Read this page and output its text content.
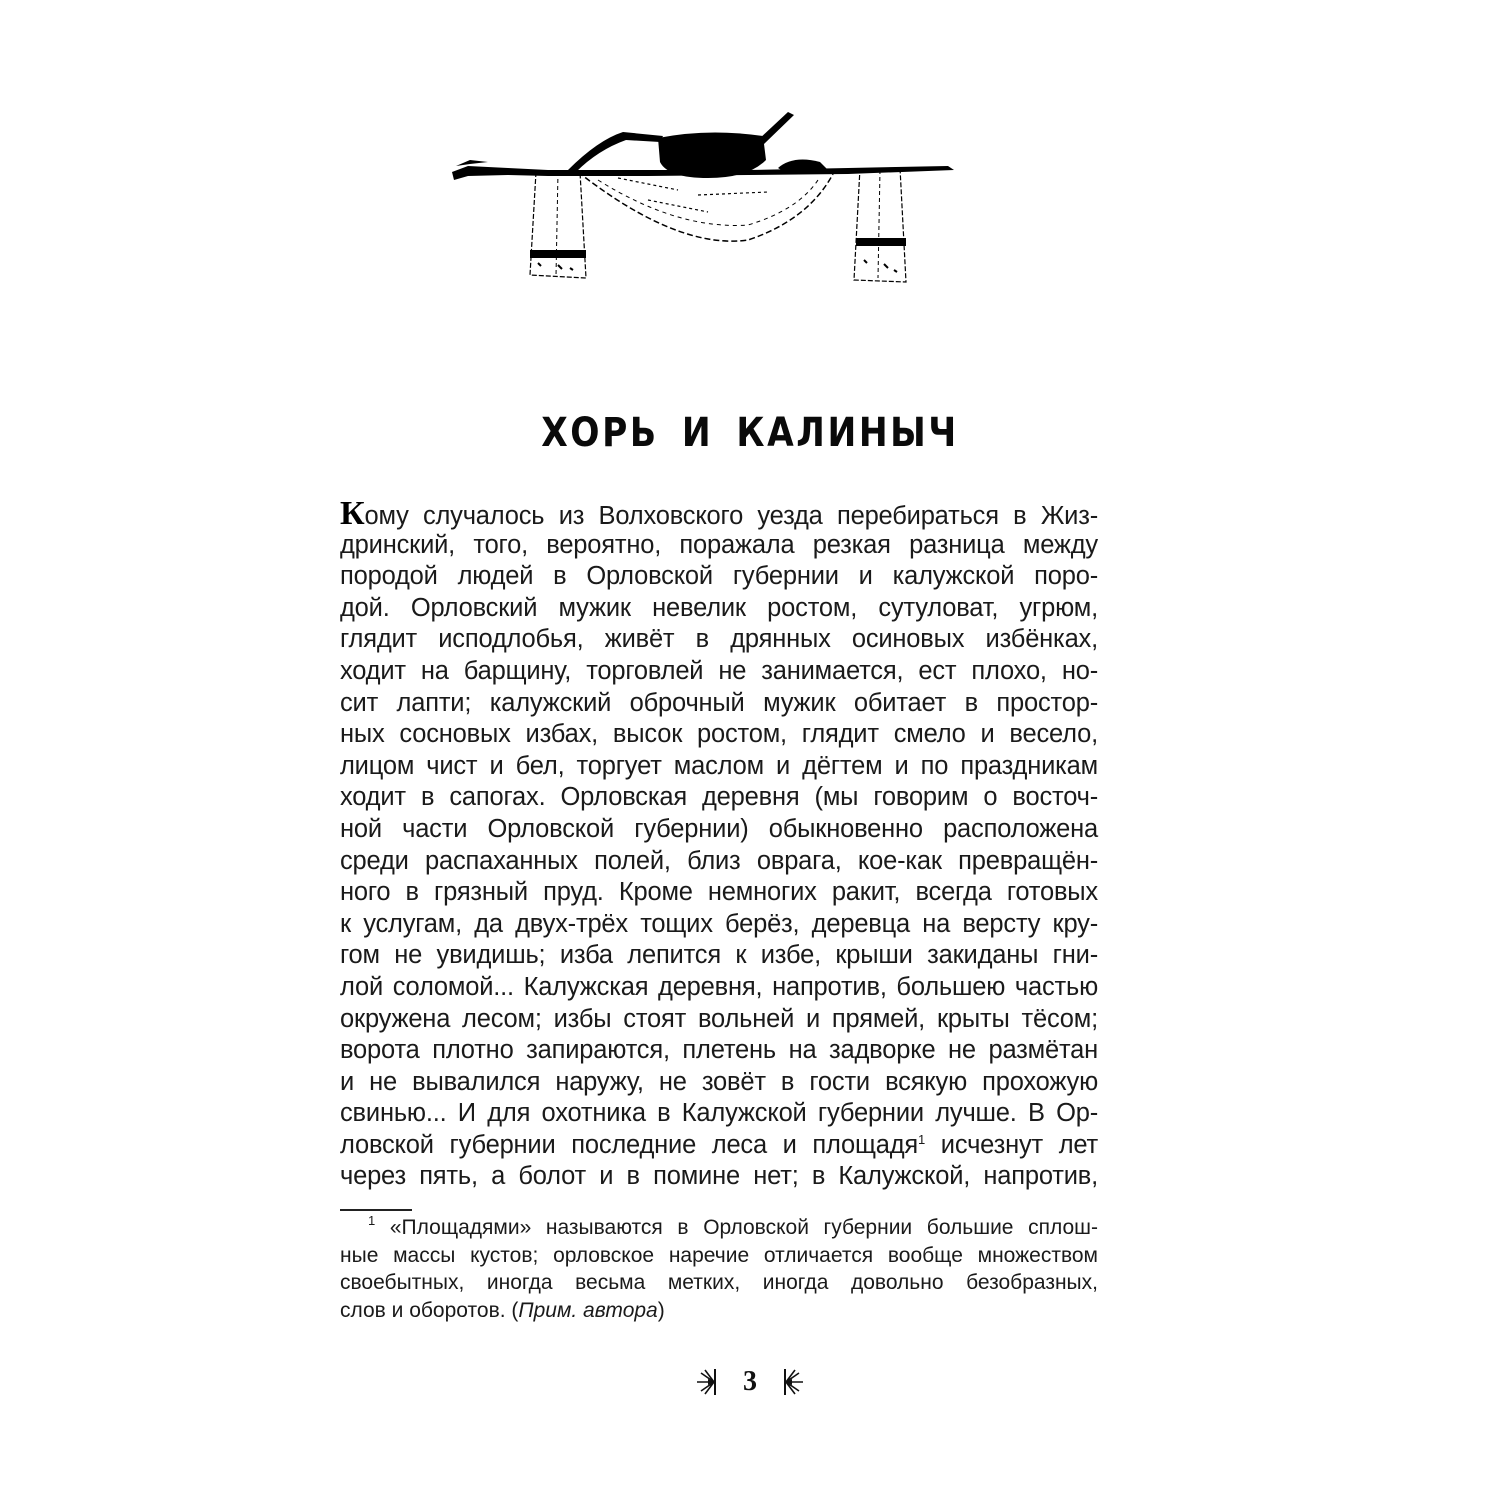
ХОРЬ И КАЛИНЫЧ
Кому случалось из Волховского уезда перебираться в Жиз-
дринский, того, вероятно, поражала резкая разница между
породой людей в Орловской губернии и калужской поро-
дой. Орловский мужик невелик ростом, сутуловат, угрюм,
глядит исподлобья, живёт в дрянных осиновых избёнках,
ходит на барщину, торговлей не занимается, ест плохо, но-
сит лапти; калужский оброчный мужик обитает в простор-
ных сосновых избах, высок ростом, глядит смело и весело,
лицом чист и бел, торгует маслом и дёгтем и по праздникам
ходит в сапогах. Орловская деревня (мы говорим о восточ-
ной части Орловской губернии) обыкновенно расположена
среди распаханных полей, близ оврага, кое-как превращён-
ного в грязный пруд. Кроме немногих ракит, всегда готовых
к услугам, да двух-трёх тощих берёз, деревца на версту кру-
гом не увидишь; изба лепится к избе, крыши закиданы гни-
лой соломой... Калужская деревня, напротив, большею частью
окружена лесом; избы стоят вольней и прямей, крыты тёсом;
ворота плотно запираются, плетень на задворке не размётан
и не вывалился наружу, не зовёт в гости всякую прохожую
свинью... И для охотника в Калужской губернии лучше. В Ор-
ловской губернии последние леса и площадя$^1$ исчезнут лет
через пять, а болот и в помине нет; в Калужской, напротив,
$^1$ «Площадями» называются в Орловской губернии большие сплош-
ные массы кустов; орловское наречие отличается вообще множеством
своебытных, иногда весьма метких, иногда довольно безобразных,
слов и оборотов. (Прим. автора)
3
